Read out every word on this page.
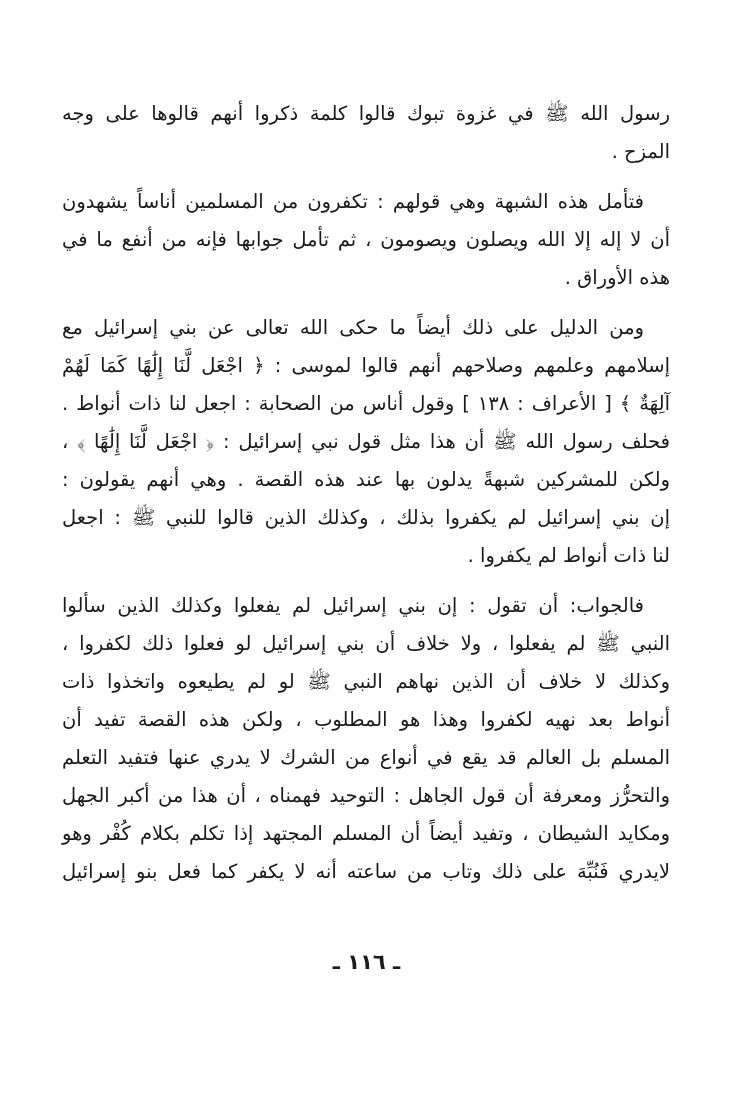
رسول الله ﷺ في غزوة تبوك قالوا كلمة ذكروا أنهم قالوها على وجه
المزح .
فتأمل هذه الشبهة وهي قولهم : تكفرون من المسلمين أناساً يشهدون
أن لا إله إلا الله ويصلون ويصومون ، ثم تأمل جوابها فإنه من أنفع ما في
هذه الأوراق .
ومن الدليل على ذلك أيضاً ما حكى الله تعالى عن بني إسرائيل مع
إسلامهم وعلمهم وصلاحهم أنهم قالوا لموسى : ﴿ اجْعَل لَّنَا إِلَٰهًا كَمَا لَهُمْ
آلِهَةٌ ﴾ [ الأعراف : ١٣٨ ] وقول أناس من الصحابة : اجعل لنا ذات أنواط .
فحلف رسول الله ﷺ أن هذا مثل قول نبي إسرائيل : ﴿ اجْعَل لَّنَا إِلَٰهًا ﴾ ،
ولكن للمشركين شبهةً يدلون بها عند هذه القصة . وهي أنهم يقولون :
إن بني إسرائيل لم يكفروا بذلك ، وكذلك الذين قالوا للنبي ﷺ : اجعل
لنا ذات أنواط لم يكفروا .
فالجواب: أن تقول : إن بني إسرائيل لم يفعلوا وكذلك الذين سألوا
النبي ﷺ لم يفعلوا ، ولا خلاف أن بني إسرائيل لو فعلوا ذلك لكفروا ،
وكذلك لا خلاف أن الذين نهاهم النبي ﷺ لو لم يطيعوه واتخذوا ذات
أنواط بعد نهيه لكفروا وهذا هو المطلوب ، ولكن هذه القصة تفيد أن
المسلم بل العالم قد يقع في أنواع من الشرك لا يدري عنها فتفيد التعلم
والتحرُّز ومعرفة أن قول الجاهل : التوحيد فهمناه ، أن هذا من أكبر الجهل
ومكايد الشيطان ، وتفيد أيضاً أن المسلم المجتهد إذا تكلم بكلام كُفْر وهو
لايدري فَنُبِّهَ على ذلك وتاب من ساعته أنه لا يكفر كما فعل بنو إسرائيل
ـ ١١٦ ـ
